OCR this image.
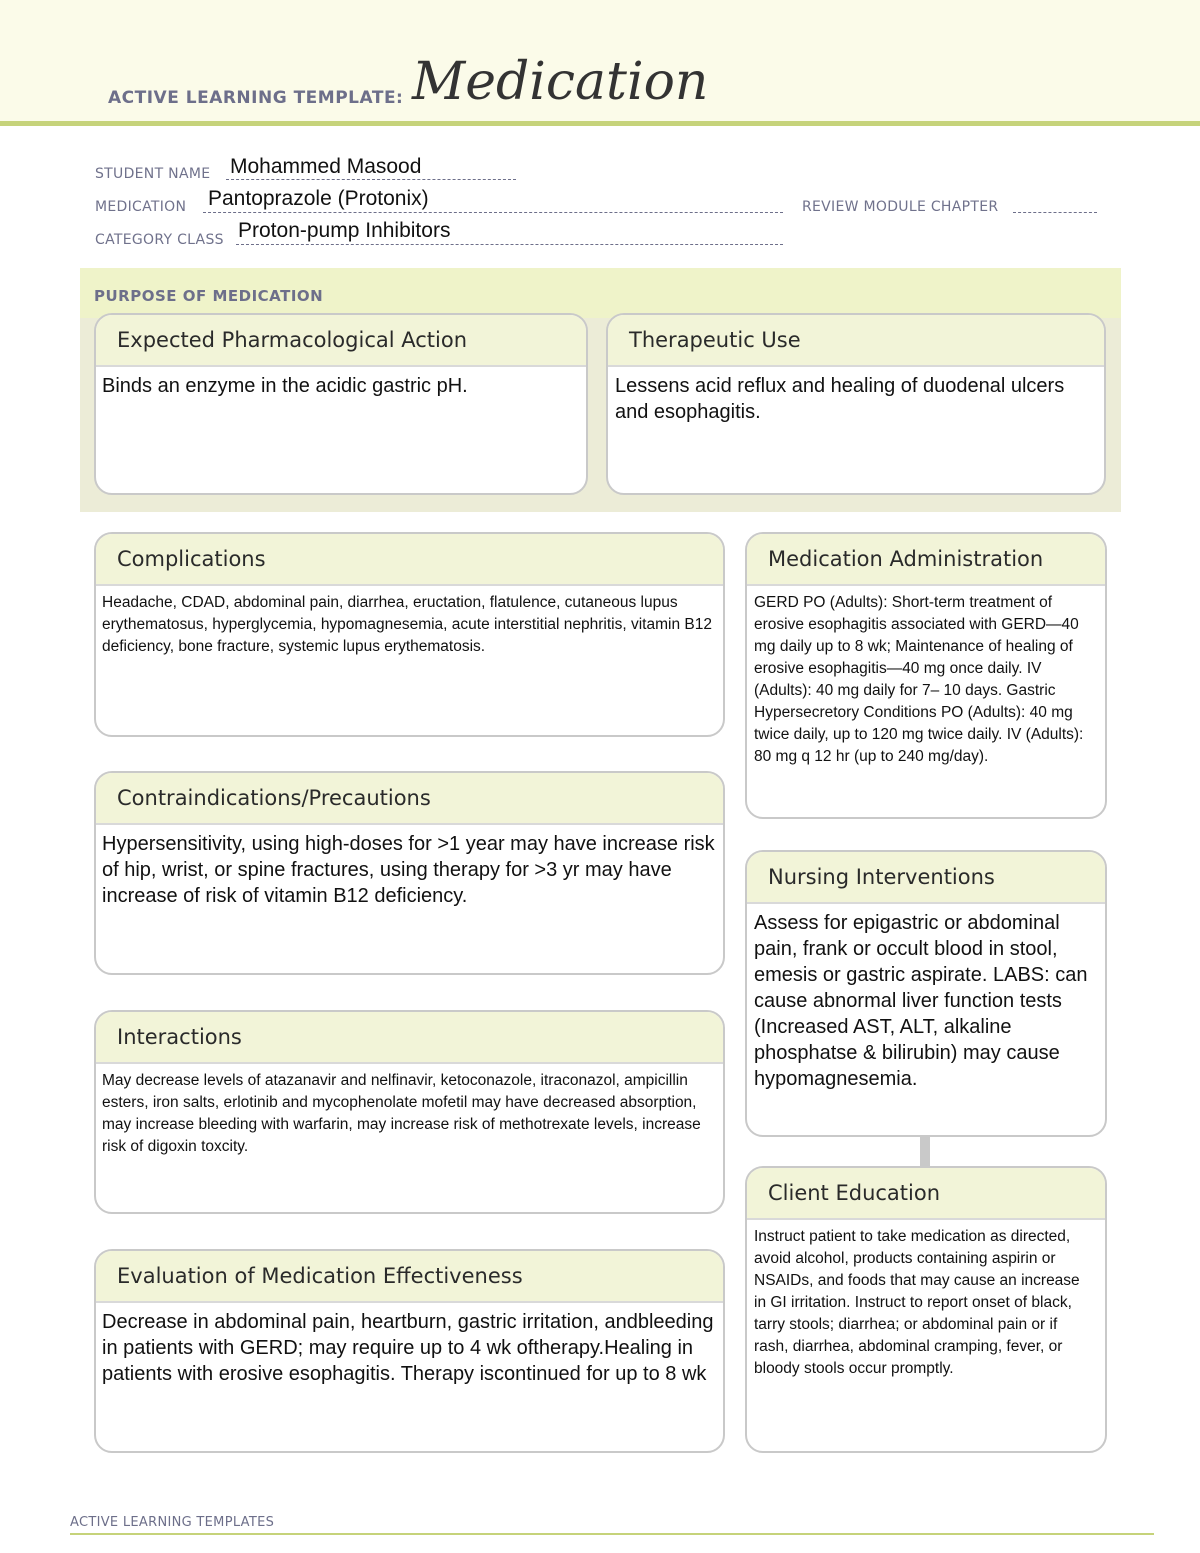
ACTIVE LEARNING TEMPLATE: Medication
STUDENT NAME Mohammed Masood
MEDICATION Pantoprazole (Protonix)	REVIEW MODULE CHAPTER
CATEGORY CLASS Proton-pump Inhibitors
PURPOSE OF MEDICATION
Expected Pharmacological Action
Binds an enzyme in the acidic gastric pH.
Therapeutic Use
Lessens acid reflux and healing of duodenal ulcers and esophagitis.
Complications
Headache, CDAD, abdominal pain, diarrhea, eructation, flatulence, cutaneous lupus erythematosus, hyperglycemia, hypomagnesemia, acute interstitial nephritis, vitamin B12 deficiency, bone fracture, systemic lupus erythematosis.
Contraindications/Precautions
Hypersensitivity, using high-doses for >1 year may have increase risk of hip, wrist, or spine fractures, using therapy for >3 yr may have increase of risk of vitamin B12 deficiency.
Interactions
May decrease levels of atazanavir and nelfinavir, ketoconazole, itraconazol, ampicillin esters, iron salts, erlotinib and mycophenolate mofetil may have decreased absorption, may increase bleeding with warfarin, may increase risk of methotrexate levels, increase risk of digoxin toxcity.
Evaluation of Medication Effectiveness
Decrease in abdominal pain, heartburn, gastric irritation, andbleeding in patients with GERD; may require up to 4 wk oftherapy.Healing in patients with erosive esophagitis. Therapy iscontinued for up to 8 wk
Medication Administration
GERD PO (Adults): Short-term treatment of erosive esophagitis associated with GERD—40 mg daily up to 8 wk; Maintenance of healing of erosive esophagitis—40 mg once daily. IV (Adults): 40 mg daily for 7– 10 days. Gastric Hypersecretory Conditions PO (Adults): 40 mg twice daily, up to 120 mg twice daily. IV (Adults): 80 mg q 12 hr (up to 240 mg/day).
Nursing Interventions
Assess for epigastric or abdominal pain, frank or occult blood in stool, emesis or gastric aspirate. LABS: can cause abnormal liver function tests (Increased AST, ALT, alkaline phosphatse & bilirubin) may cause hypomagnesemia.
Client Education
Instruct patient to take medication as directed, avoid alcohol, products containing aspirin or NSAIDs, and foods that may cause an increase in GI irritation. Instruct to report onset of black, tarry stools; diarrhea; or abdominal pain or if rash, diarrhea, abdominal cramping, fever, or bloody stools occur promptly.
ACTIVE LEARNING TEMPLATES
